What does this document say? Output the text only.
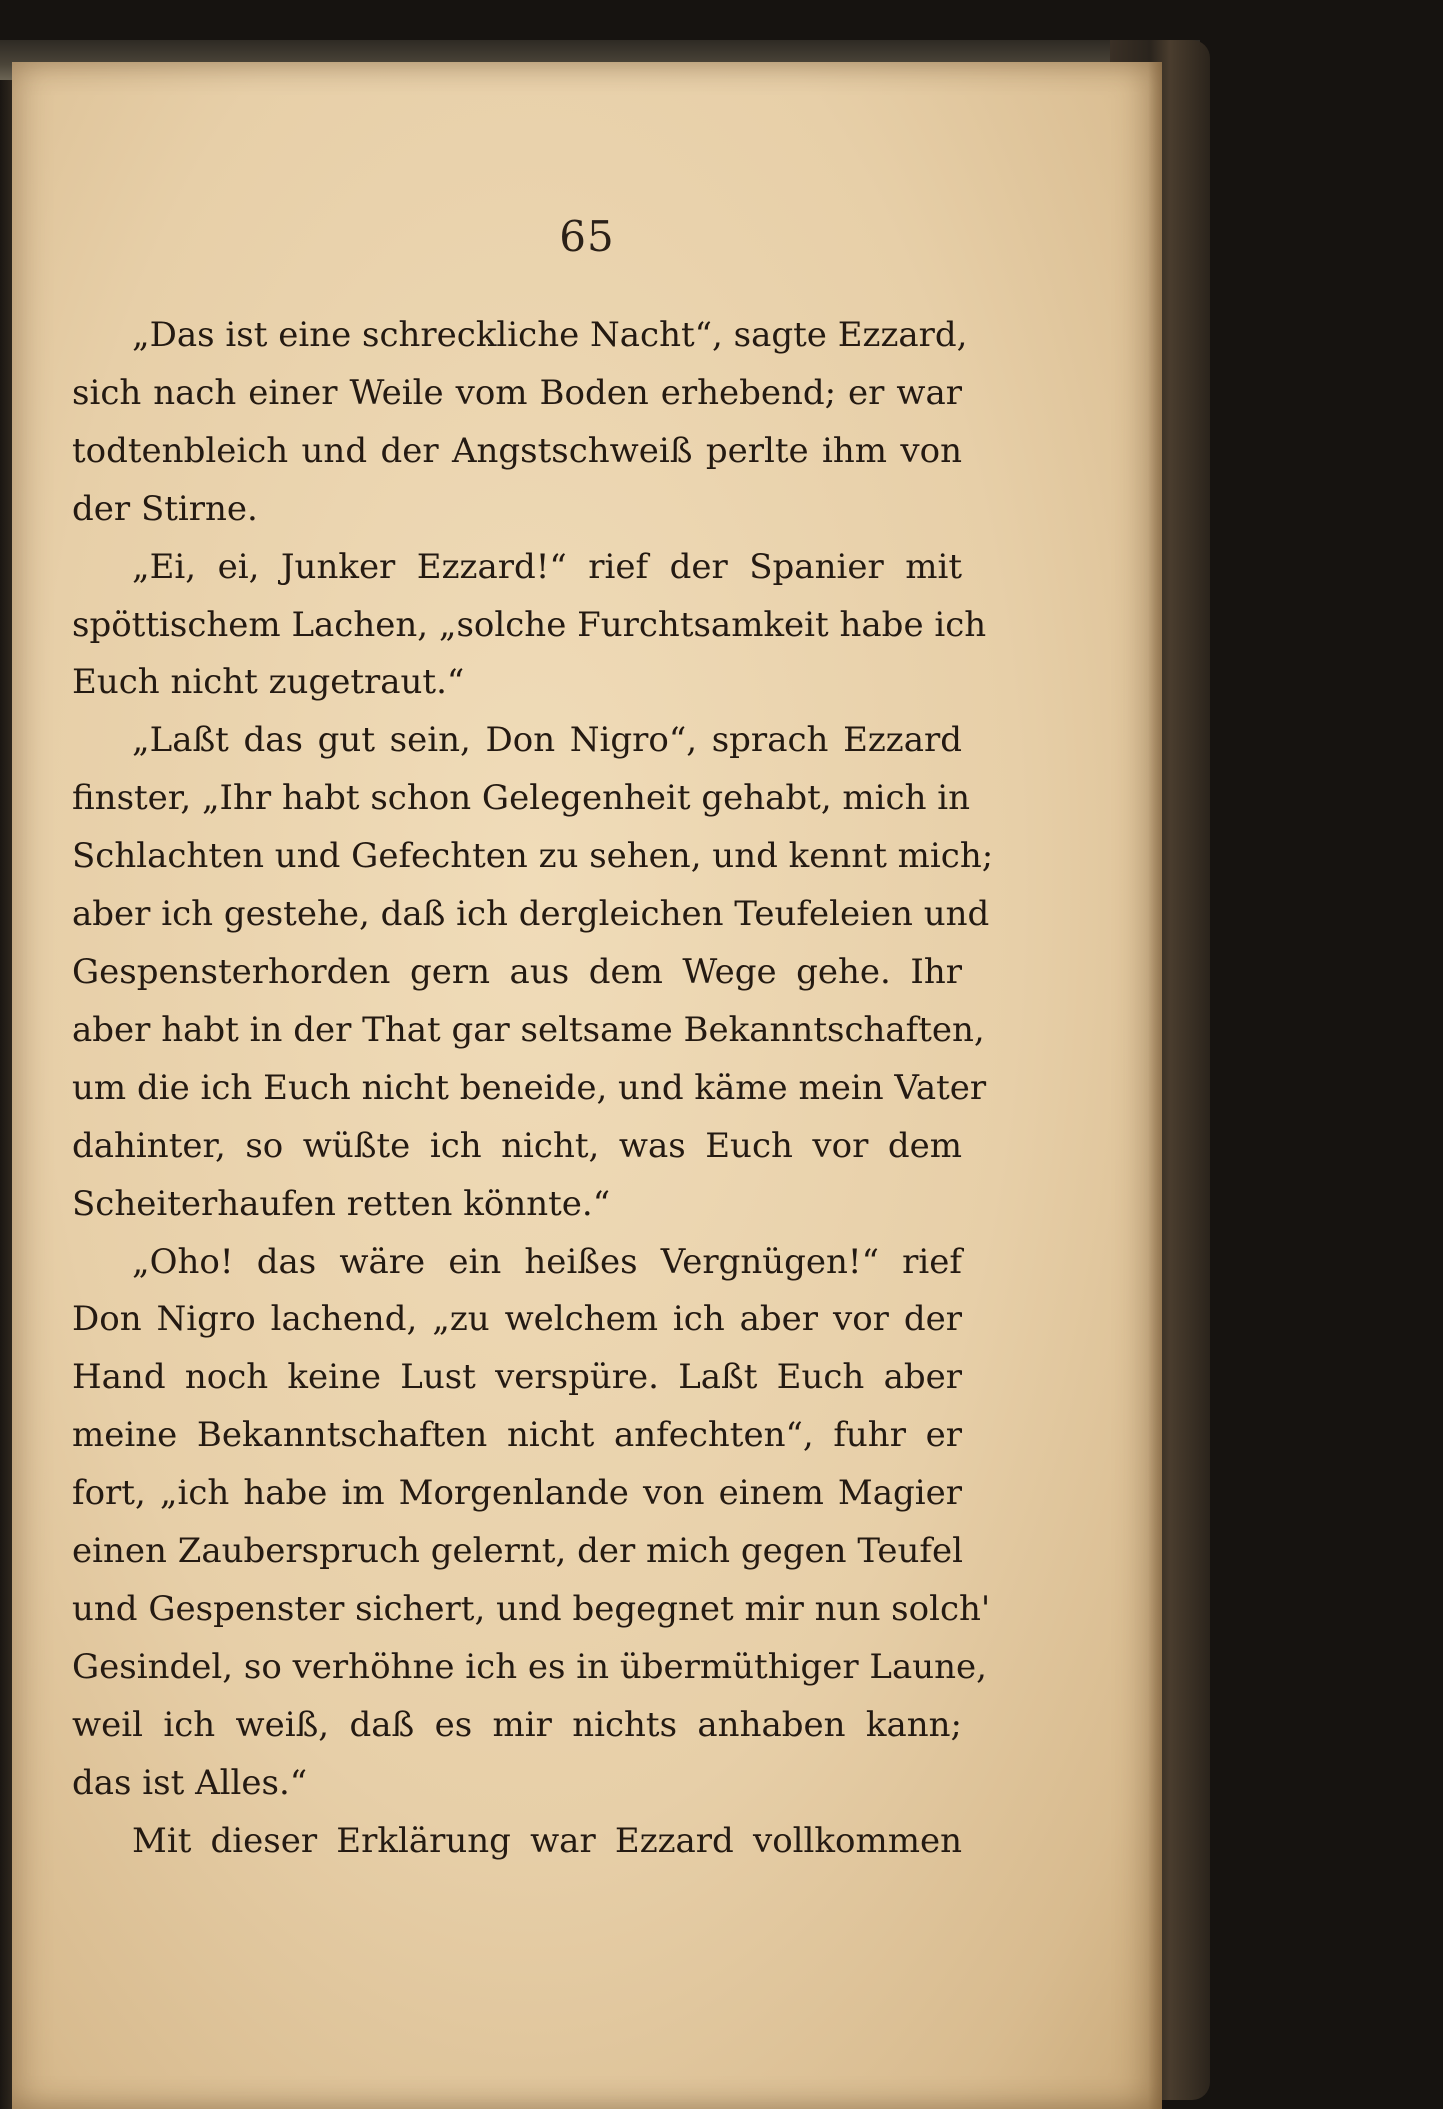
65
„Das ist eine schreckliche Nacht“, sagte Ezzard,
sich nach einer Weile vom Boden erhebend; er war
todtenbleich und der Angstschweiß perlte ihm von
der Stirne.
„Ei, ei, Junker Ezzard!“ rief der Spanier mit
spöttischem Lachen, „solche Furchtsamkeit habe ich
Euch nicht zugetraut.“
„Laßt das gut sein, Don Nigro“, sprach Ezzard
finster, „Ihr habt schon Gelegenheit gehabt, mich in
Schlachten und Gefechten zu sehen, und kennt mich;
aber ich gestehe, daß ich dergleichen Teufeleien und
Gespensterhorden gern aus dem Wege gehe. Ihr
aber habt in der That gar seltsame Bekanntschaften,
um die ich Euch nicht beneide, und käme mein Vater
dahinter, so wüßte ich nicht, was Euch vor dem
Scheiterhaufen retten könnte.“
„Oho! das wäre ein heißes Vergnügen!“ rief
Don Nigro lachend, „zu welchem ich aber vor der
Hand noch keine Lust verspüre. Laßt Euch aber
meine Bekanntschaften nicht anfechten“, fuhr er
fort, „ich habe im Morgenlande von einem Magier
einen Zauberspruch gelernt, der mich gegen Teufel
und Gespenster sichert, und begegnet mir nun solch'
Gesindel, so verhöhne ich es in übermüthiger Laune,
weil ich weiß, daß es mir nichts anhaben kann;
das ist Alles.“
Mit dieser Erklärung war Ezzard vollkommen
